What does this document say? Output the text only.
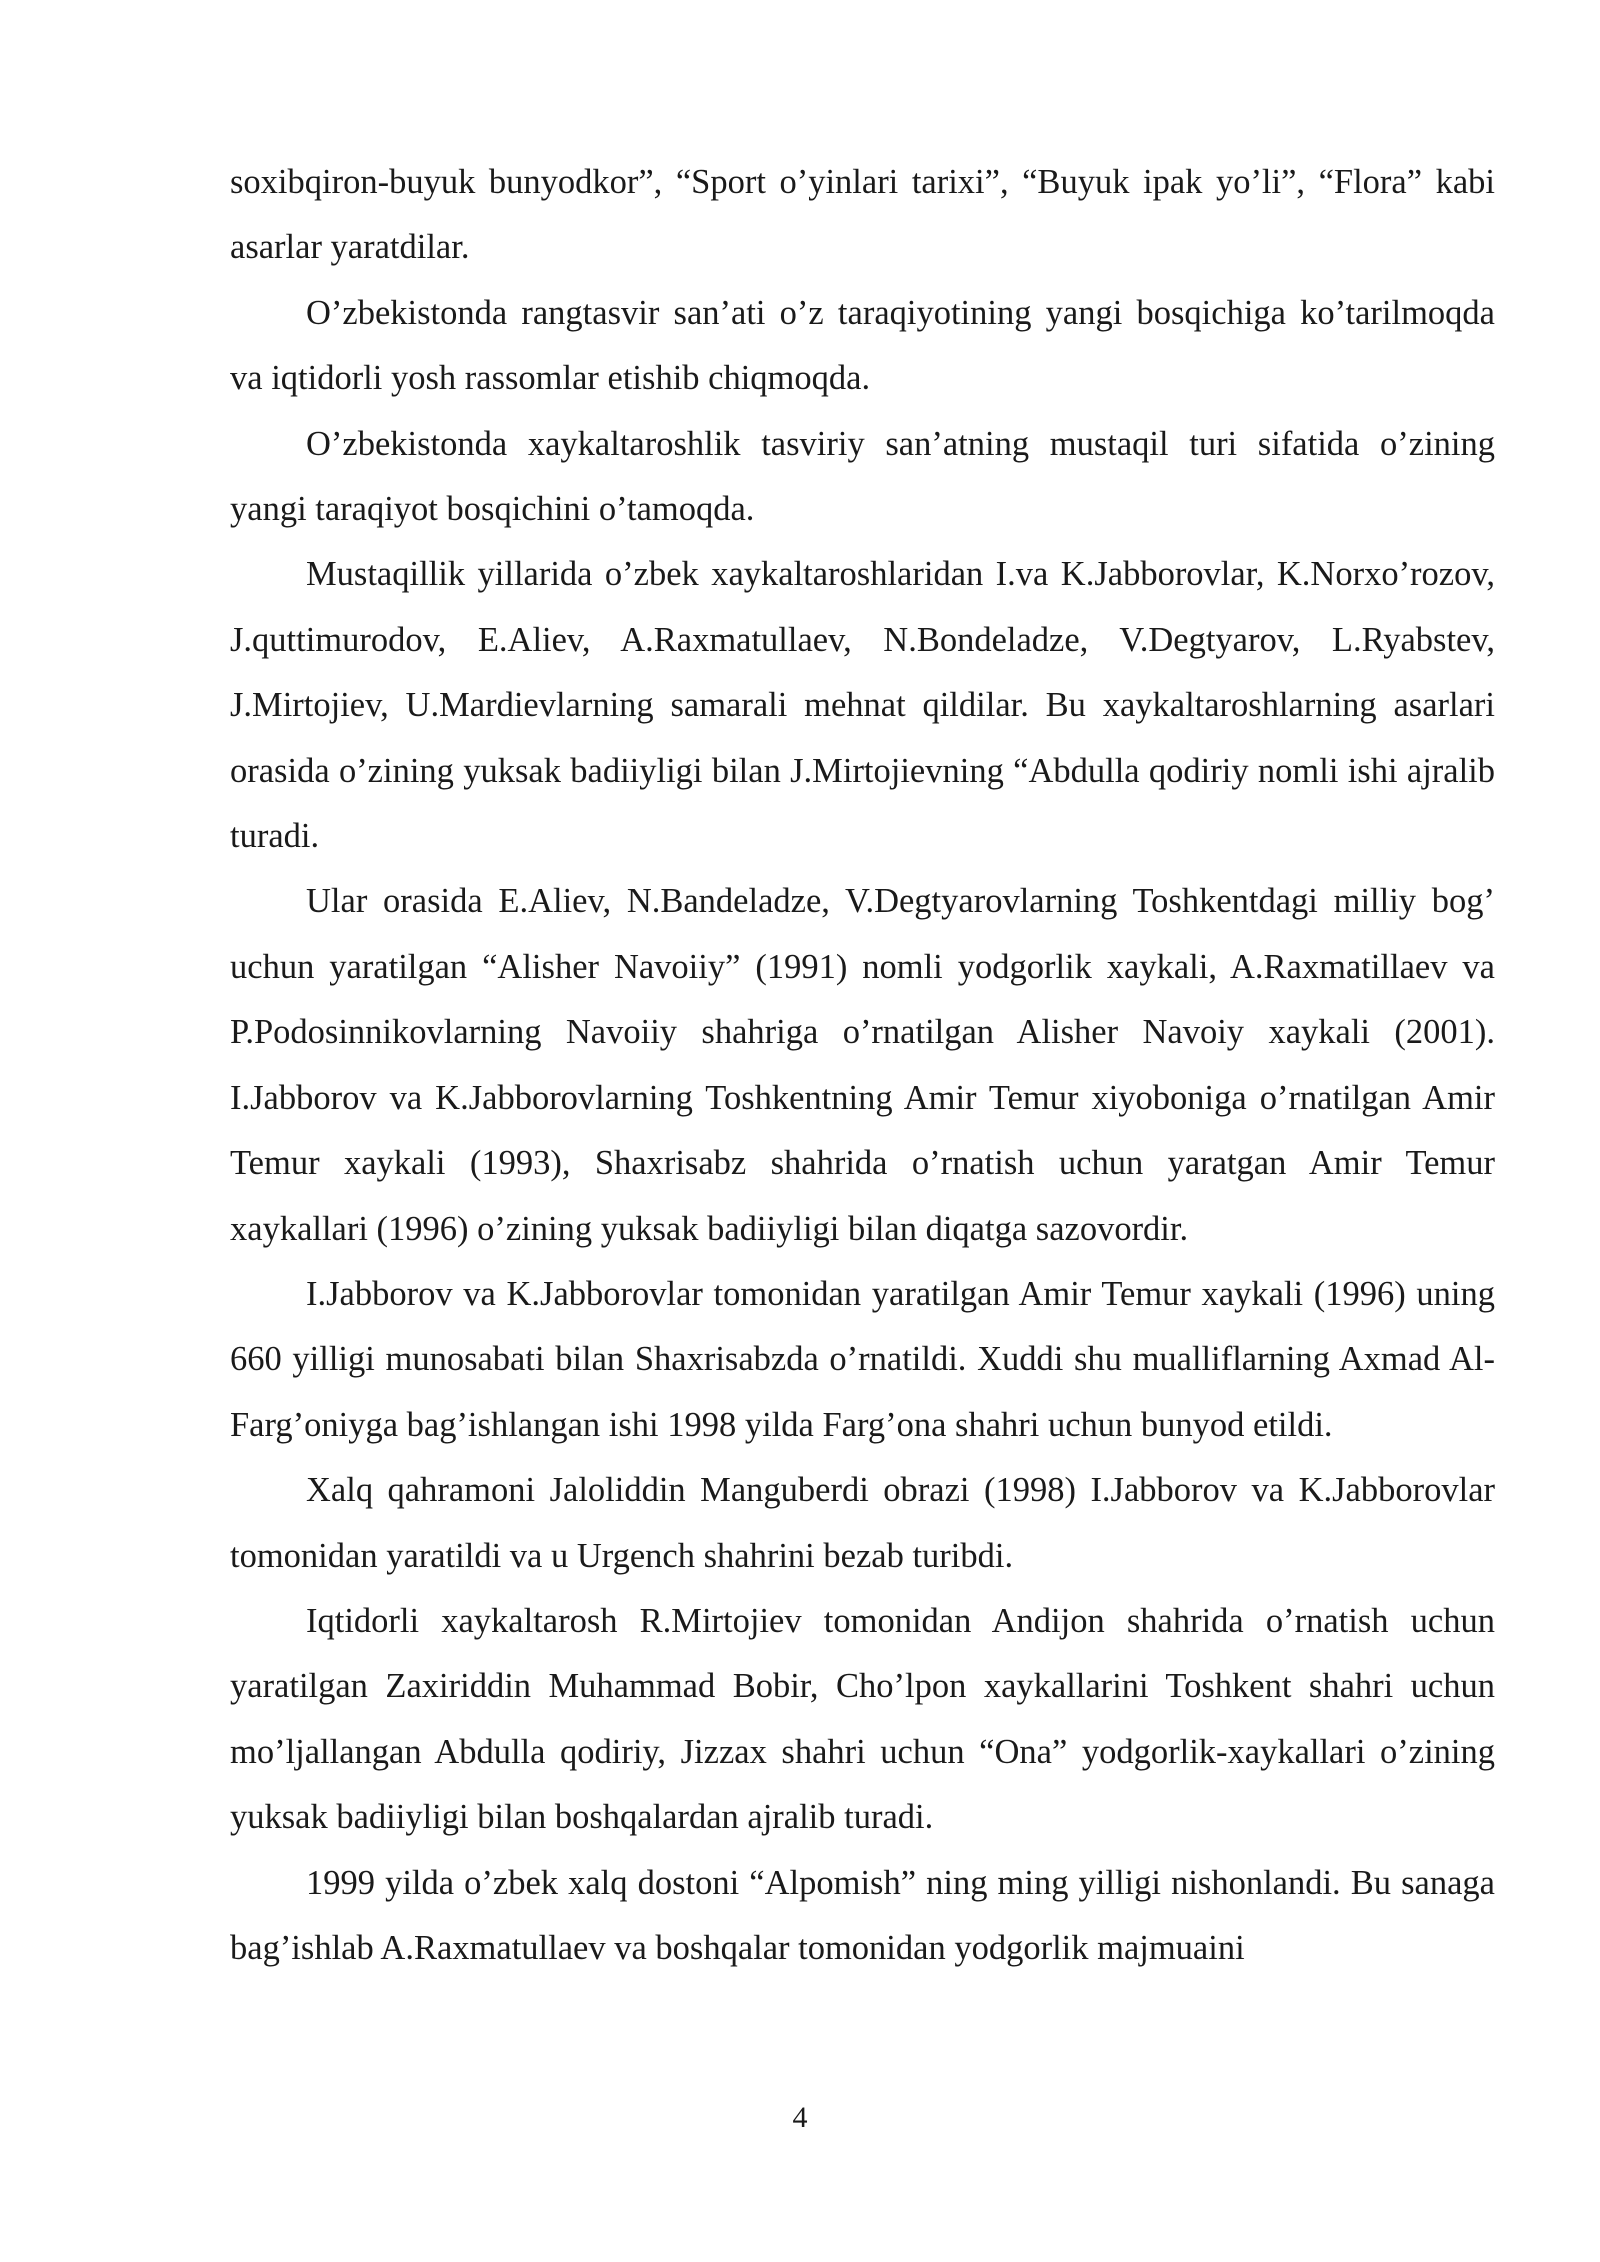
soxibqiron-buyuk bunyodkor”, “Sport o’yinlari tarixi”, “Buyuk ipak yo’li”, “Flora” kabi asarlar yaratdilar.

O’zbekistonda rangtasvir san’ati o’z taraqiyotining yangi bosqichiga ko’tarilmoqda va iqtidorli yosh rassomlar etishib chiqmoqda.

O’zbekistonda xaykaltaroshlik tasviriy san’atning mustaqil turi sifatida o’zining yangi taraqiyot bosqichini o’tamoqda.

Mustaqillik yillarida o’zbek xaykaltaroshlaridan I.va K.Jabborovlar, K.Norxo’rozov, J.quttimurodov, E.Aliev, A.Raxmatullaev, N.Bondeladze, V.Degtyarov, L.Ryabstev, J.Mirtojiev, U.Mardievlarning samarali mehnat qildilar. Bu xaykaltaroshlarning asarlari orasida o’zining yuksak badiiyligi bilan J.Mirtojievning “Abdulla qodiriy nomli ishi ajralib turadi.

Ular orasida E.Aliev, N.Bandeladze, V.Degtyarovlarning Toshkentdagi milliy bog’ uchun yaratilgan “Alisher Navoiiy” (1991) nomli yodgorlik xaykali, A.Raxmatillaev va P.Podosinnikovlarning Navoiiy shahriga o’rnatilgan Alisher Navoiy xaykali (2001). I.Jabborov va K.Jabborovlarning Toshkentning Amir Temur xiyoboniga o’rnatilgan Amir Temur xaykali (1993), Shaxrisabz shahrida o’rnatish uchun yaratgan Amir Temur xaykallari (1996) o’zining yuksak badiiyligi bilan diqatga sazovordir.

I.Jabborov va K.Jabborovlar tomonidan yaratilgan Amir Temur xaykali (1996) uning 660 yilligi munosabati bilan Shaxrisabzda o’rnatildi. Xuddi shu mualliflarning Axmad Al-Farg’oniyga bag’ishlangan ishi 1998 yilda Farg’ona shahri uchun bunyod etildi.

Xalq qahramoni Jaloliddin Manguberdi obrazi (1998) I.Jabborov va K.Jabborovlar tomonidan yaratildi va u Urgench shahrini bezab turibdi.

Iqtidorli xaykaltarosh R.Mirtojiev tomonidan Andijon shahrida o’rnatish uchun yaratilgan Zaxiriddin Muhammad Bobir, Cho’lpon xaykallarini Toshkent shahri uchun mo’ljallangan Abdulla qodiriy, Jizzax shahri uchun “Ona” yodgorlik-xaykallari o’zining yuksak badiiyligi bilan boshqalardan ajralib turadi.

1999 yilda o’zbek xalq dostoni “Alpomish” ning ming yilligi nishonlandi. Bu sanaga bag’ishlab A.Raxmatullaev va boshqalar tomonidan yodgorlik majmuaini

4
